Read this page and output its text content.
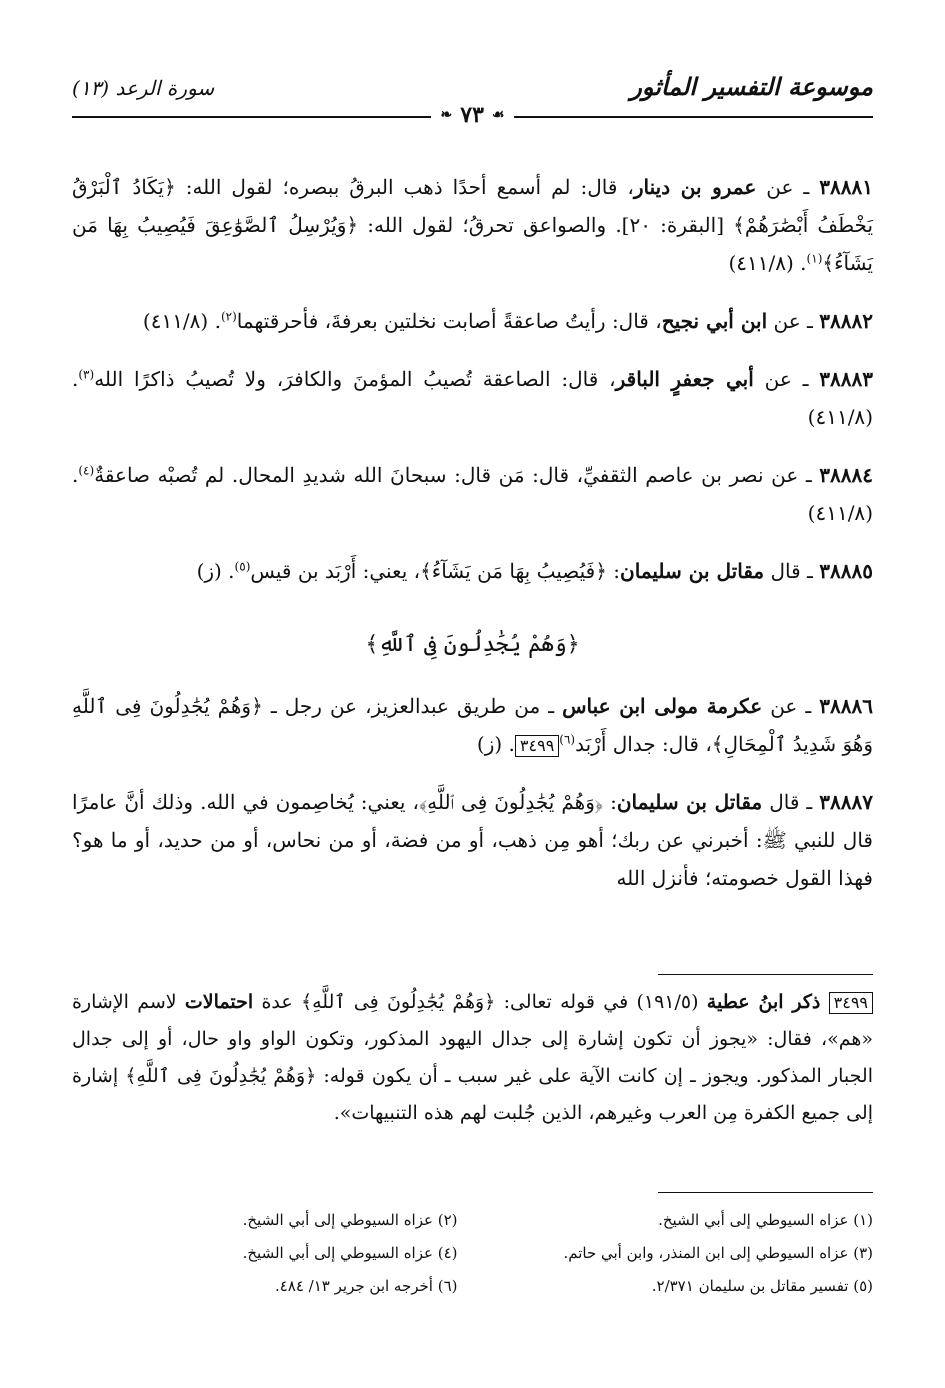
موسوعة التفسير المأثور
سورة الرعد (١٣)
❧ ٧٣ ☙

٣٨٨٨١ ـ عن عمرو بن دينار، قال: لم أسمع أحدًا ذهب البرقُ ببصره؛ لقول الله: ﴿يَكَادُ ٱلْبَرْقُ يَخْطَفُ أَبْصَٰرَهُمْ﴾ [البقرة: ٢٠]. والصواعق تحرقُ؛ لقول الله: ﴿وَيُرْسِلُ ٱلصَّوَٰعِقَ فَيُصِيبُ بِهَا مَن يَشَآءُ﴾$^{(١)}$. (٤١١/٨)

٣٨٨٨٢ ـ عن ابن أبي نجيح، قال: رأيتُ صاعقةً أصابت نخلتين بعرفةَ، فأحرقتهما$^{(٢)}$. (٤١١/٨)

٣٨٨٨٣ ـ عن أبي جعفرٍ الباقر، قال: الصاعقة تُصيبُ المؤمنَ والكافرَ، ولا تُصيبُ ذاكرًا الله$^{(٣)}$. (٤١١/٨)

٣٨٨٨٤ ـ عن نصر بن عاصم الثقفيِّ، قال: مَن قال: سبحانَ الله شديدِ المحال. لم تُصبْه صاعقةٌ$^{(٤)}$. (٤١١/٨)

٣٨٨٨٥ ـ قال مقاتل بن سليمان: ﴿فَيُصِيبُ بِهَا مَن يَشَآءُ﴾، يعني: أَرْبَد بن قيس$^{(٥)}$. (ز)

﴿وَهُمْ يُجَٰدِلُونَ فِى ٱللَّهِ﴾

٣٨٨٨٦ ـ عن عكرمة مولى ابن عباس ـ من طريق عبدالعزيز، عن رجل ـ ﴿وَهُمْ يُجَٰدِلُونَ فِى ٱللَّهِ وَهُوَ شَدِيدُ ٱلْمِحَالِ﴾، قال: جدال أَرْبَد$^{(٦)}$٣٤٩٩. (ز)

٣٨٨٨٧ ـ قال مقاتل بن سليمان: ﴿وَهُمْ يُجَٰدِلُونَ فِى ٱللَّهِ﴾، يعني: يُخاصِمون في الله. وذلك أنَّ عامرًا قال للنبي ﷺ: أخبرني عن ربك؛ أهو مِن ذهب، أو من فضة، أو من نحاس، أو من حديد، أو ما هو؟ فهذا القول خصومته؛ فأنزل الله

٣٤٩٩ ذكر ابنُ عطية (١٩١/٥) في قوله تعالى: ﴿وَهُمْ يُجَٰدِلُونَ فِى ٱللَّهِ﴾ عدة احتمالات لاسم الإشارة «هم»، فقال: «يجوز أن تكون إشارة إلى جدال اليهود المذكور، وتكون الواو واو حال، أو إلى جدال الجبار المذكور. ويجوز ـ إن كانت الآية على غير سبب ـ أن يكون قوله: ﴿وَهُمْ يُجَٰدِلُونَ فِى ٱللَّهِ﴾ إشارة إلى جميع الكفرة مِن العرب وغيرهم، الذين جُلبت لهم هذه التنبيهات».
(١) عزاه السيوطي إلى أبي الشيخ.
(٢) عزاه السيوطي إلى أبي الشيخ.
(٣) عزاه السيوطي إلى ابن المنذر، وابن أبي حاتم.
(٤) عزاه السيوطي إلى أبي الشيخ.
(٥) تفسير مقاتل بن سليمان ٢/٣٧١.
(٦) أخرجه ابن جرير ١٣/ ٤٨٤.
